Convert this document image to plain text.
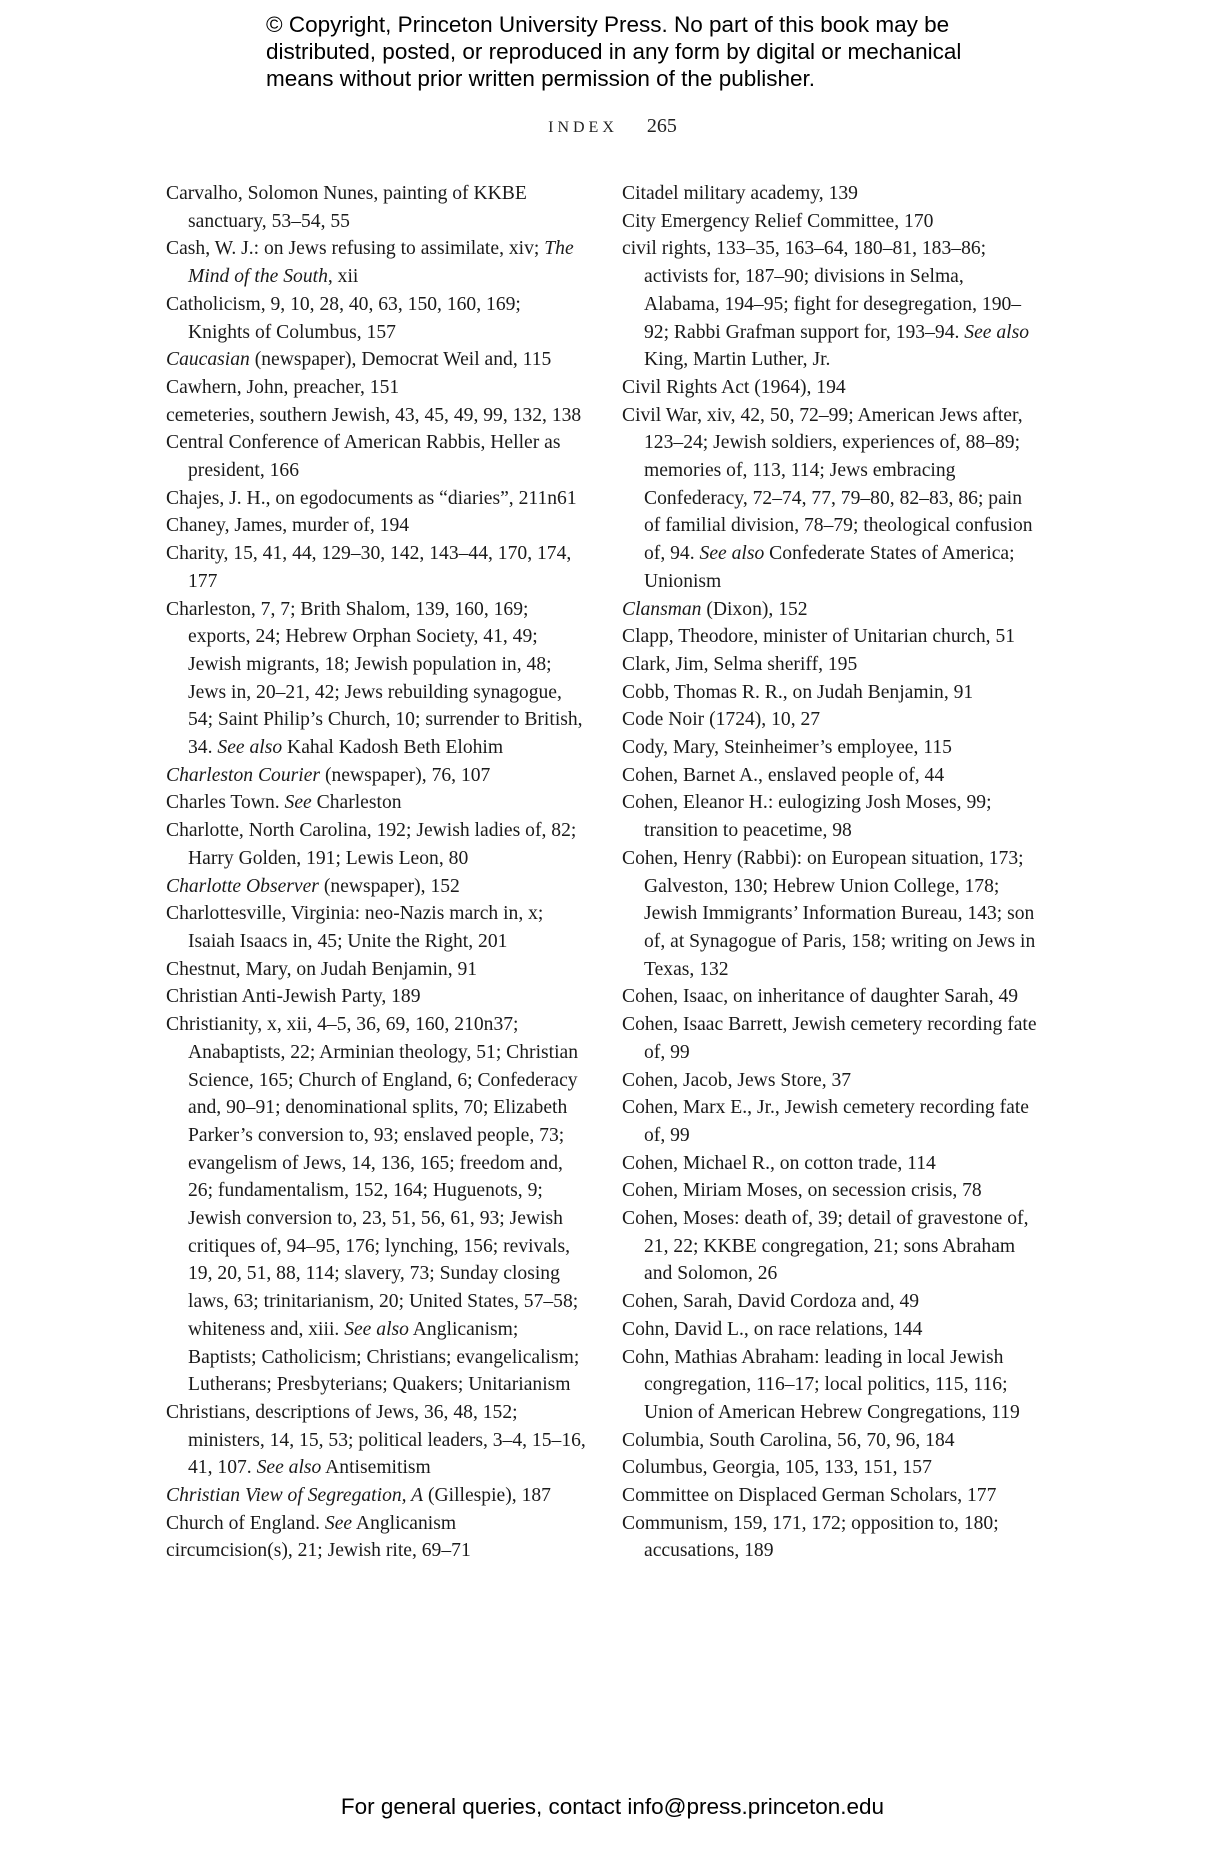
© Copyright, Princeton University Press. No part of this book may be
distributed, posted, or reproduced in any form by digital or mechanical
means without prior written permission of the publisher.
INDEX 265

Carvalho, Solomon Nunes, painting of KKBE sanctuary, 53–54, 55

Cash, W. J.: on Jews refusing to assimilate, xiv; The Mind of the South, xii

Catholicism, 9, 10, 28, 40, 63, 150, 160, 169; Knights of Columbus, 157

Caucasian (newspaper), Democrat Weil and, 115

Cawhern, John, preacher, 151

cemeteries, southern Jewish, 43, 45, 49, 99, 132, 138

Central Conference of American Rabbis, Heller as president, 166

Chajes, J. H., on egodocuments as “diaries”, 211n61

Chaney, James, murder of, 194

Charity, 15, 41, 44, 129–30, 142, 143–44, 170, 174, 177

Charleston, 7, 7; Brith Shalom, 139, 160, 169; exports, 24; Hebrew Orphan Society, 41, 49; Jewish migrants, 18; Jewish population in, 48; Jews in, 20–21, 42; Jews rebuilding synagogue, 54; Saint Philip’s Church, 10; surrender to British, 34. See also Kahal Kadosh Beth Elohim

Charleston Courier (newspaper), 76, 107

Charles Town. See Charleston

Charlotte, North Carolina, 192; Jewish ladies of, 82; Harry Golden, 191; Lewis Leon, 80

Charlotte Observer (newspaper), 152

Charlottesville, Virginia: neo-Nazis march in, x; Isaiah Isaacs in, 45; Unite the Right, 201

Chestnut, Mary, on Judah Benjamin, 91

Christian Anti-Jewish Party, 189

Christianity, x, xii, 4–5, 36, 69, 160, 210n37; Anabaptists, 22; Arminian theology, 51; Christian Science, 165; Church of England, 6; Confederacy and, 90–91; denominational splits, 70; Elizabeth Parker’s conversion to, 93; enslaved people, 73; evangelism of Jews, 14, 136, 165; freedom and, 26; fundamentalism, 152, 164; Huguenots, 9; Jewish conversion to, 23, 51, 56, 61, 93; Jewish critiques of, 94–95, 176; lynching, 156; revivals, 19, 20, 51, 88, 114; slavery, 73; Sunday closing laws, 63; trinitarianism, 20; United States, 57–58; whiteness and, xiii. See also Anglicanism; Baptists; Catholicism; Christians; evangelicalism; Lutherans; Presbyterians; Quakers; Unitarianism

Christians, descriptions of Jews, 36, 48, 152; ministers, 14, 15, 53; political leaders, 3–4, 15–16, 41, 107. See also Antisemitism

Christian View of Segregation, A (Gillespie), 187

Church of England. See Anglicanism

circumcision(s), 21; Jewish rite, 69–71

Citadel military academy, 139

City Emergency Relief Committee, 170

civil rights, 133–35, 163–64, 180–81, 183–86; activists for, 187–90; divisions in Selma, Alabama, 194–95; fight for desegregation, 190–92; Rabbi Grafman support for, 193–94. See also King, Martin Luther, Jr.

Civil Rights Act (1964), 194

Civil War, xiv, 42, 50, 72–99; American Jews after, 123–24; Jewish soldiers, experiences of, 88–89; memories of, 113, 114; Jews embracing Confederacy, 72–74, 77, 79–80, 82–83, 86; pain of familial division, 78–79; theological confusion of, 94. See also Confederate States of America; Unionism

Clansman (Dixon), 152

Clapp, Theodore, minister of Unitarian church, 51

Clark, Jim, Selma sheriff, 195

Cobb, Thomas R. R., on Judah Benjamin, 91

Code Noir (1724), 10, 27

Cody, Mary, Steinheimer’s employee, 115

Cohen, Barnet A., enslaved people of, 44

Cohen, Eleanor H.: eulogizing Josh Moses, 99; transition to peacetime, 98

Cohen, Henry (Rabbi): on European situation, 173; Galveston, 130; Hebrew Union College, 178; Jewish Immigrants’ Information Bureau, 143; son of, at Synagogue of Paris, 158; writing on Jews in Texas, 132

Cohen, Isaac, on inheritance of daughter Sarah, 49

Cohen, Isaac Barrett, Jewish cemetery recording fate of, 99

Cohen, Jacob, Jews Store, 37

Cohen, Marx E., Jr., Jewish cemetery recording fate of, 99

Cohen, Michael R., on cotton trade, 114

Cohen, Miriam Moses, on secession crisis, 78

Cohen, Moses: death of, 39; detail of gravestone of, 21, 22; KKBE congregation, 21; sons Abraham and Solomon, 26

Cohen, Sarah, David Cordoza and, 49

Cohn, David L., on race relations, 144

Cohn, Mathias Abraham: leading in local Jewish congregation, 116–17; local politics, 115, 116; Union of American Hebrew Congregations, 119

Columbia, South Carolina, 56, 70, 96, 184

Columbus, Georgia, 105, 133, 151, 157

Committee on Displaced German Scholars, 177

Communism, 159, 171, 172; opposition to, 180; accusations, 189

For general queries, contact info@press.princeton.edu
